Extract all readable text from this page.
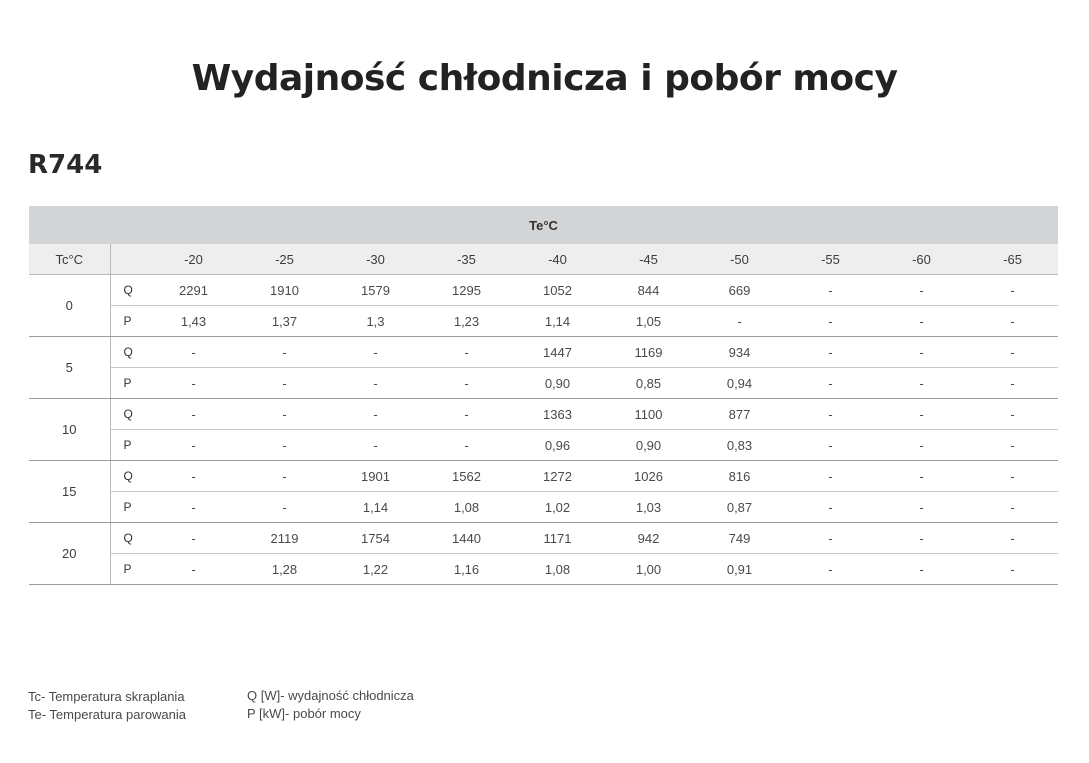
Wydajność chłodnicza i pobór mocy
R744
Te°C											
Tc°C		-20	-25	-30	-35	-40	-45	-50	-55	-60	-65
0	Q	2291	1910	1579	1295	1052	844	669	-	-	-
	P	1,43	1,37	1,3	1,23	1,14	1,05	-	-	-	-
5	Q	-	-	-	-	1447	1169	934	-	-	-
	P	-	-	-	-	0,90	0,85	0,94	-	-	-
10	Q	-	-	-	-	1363	1100	877	-	-	-
	P	-	-	-	-	0,96	0,90	0,83	-	-	-
15	Q	-	-	1901	1562	1272	1026	816	-	-	-
	P	-	-	1,14	1,08	1,02	1,03	0,87	-	-	-
20	Q	-	2119	1754	1440	1171	942	749	-	-	-
	P	-	1,28	1,22	1,16	1,08	1,00	0,91	-	-	-
Tc- Temperatura skraplania
Te- Temperatura parowania
Q [W]- wydajność chłodnicza
P [kW]- pobór mocy
